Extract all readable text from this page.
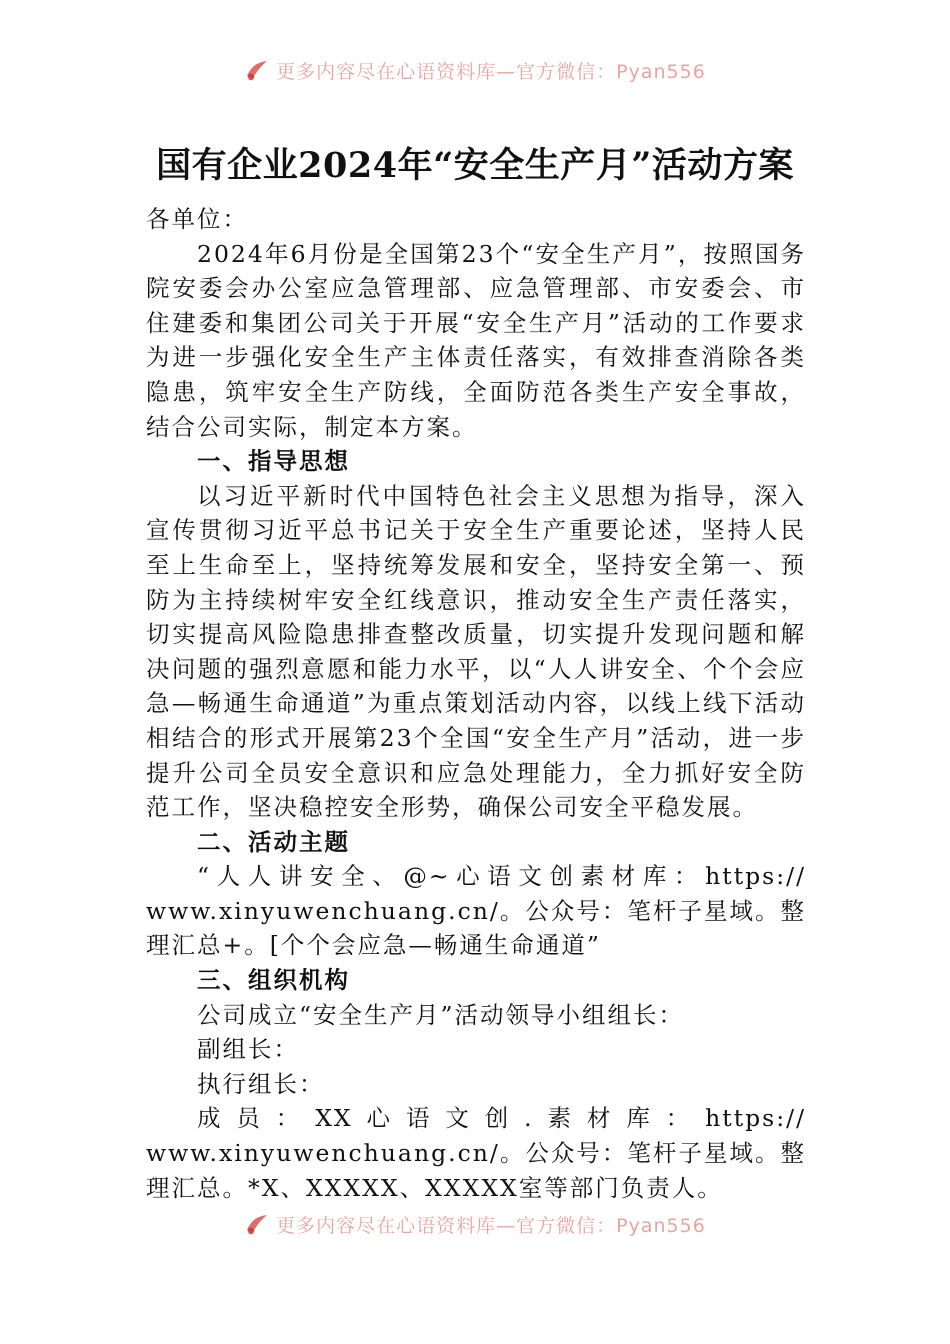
更多内容尽在心语资料库—官方微信：Pyan556
国有企业2024年“安全生产月”活动方案

各单位：

2024年6月份是全国第23个“安全生产月”，按照国务院安委会办公室应急管理部、应急管理部、市安委会、市住建委和集团公司关于开展“安全生产月”活动的工作要求为进一步强化安全生产主体责任落实，有效排查消除各类隐患，筑牢安全生产防线，全面防范各类生产安全事故，结合公司实际，制定本方案。

一、指导思想

以习近平新时代中国特色社会主义思想为指导，深入宣传贯彻习近平总书记关于安全生产重要论述，坚持人民至上生命至上，坚持统筹发展和安全，坚持安全第一、预防为主持续树牢安全红线意识，推动安全生产责任落实，切实提高风险隐患排查整改质量，切实提升发现问题和解决问题的强烈意愿和能力水平，以“人人讲安全、个个会应急—畅通生命通道”为重点策划活动内容，以线上线下活动相结合的形式开展第23个全国“安全生产月”活动，进一步提升公司全员安全意识和应急处理能力，全力抓好安全防范工作，坚决稳控安全形势，确保公司安全平稳发展。

二、活动主题

“人人讲安全、@~心语文创素材库：https://

www.xinyuwenchuang.cn/。公众号：笔杆子星域。整理汇总+。[个个会应急—畅通生命通道”

三、组织机构

公司成立“安全生产月”活动领导小组组长：

副组长：

执行组长：

成员：XX心语文创.素材库：https://

www.xinyuwenchuang.cn/。公众号：笔杆子星域。整理汇总。*X、XXXXX、XXXXX室等部门负责人。

更多内容尽在心语资料库—官方微信：Pyan556
